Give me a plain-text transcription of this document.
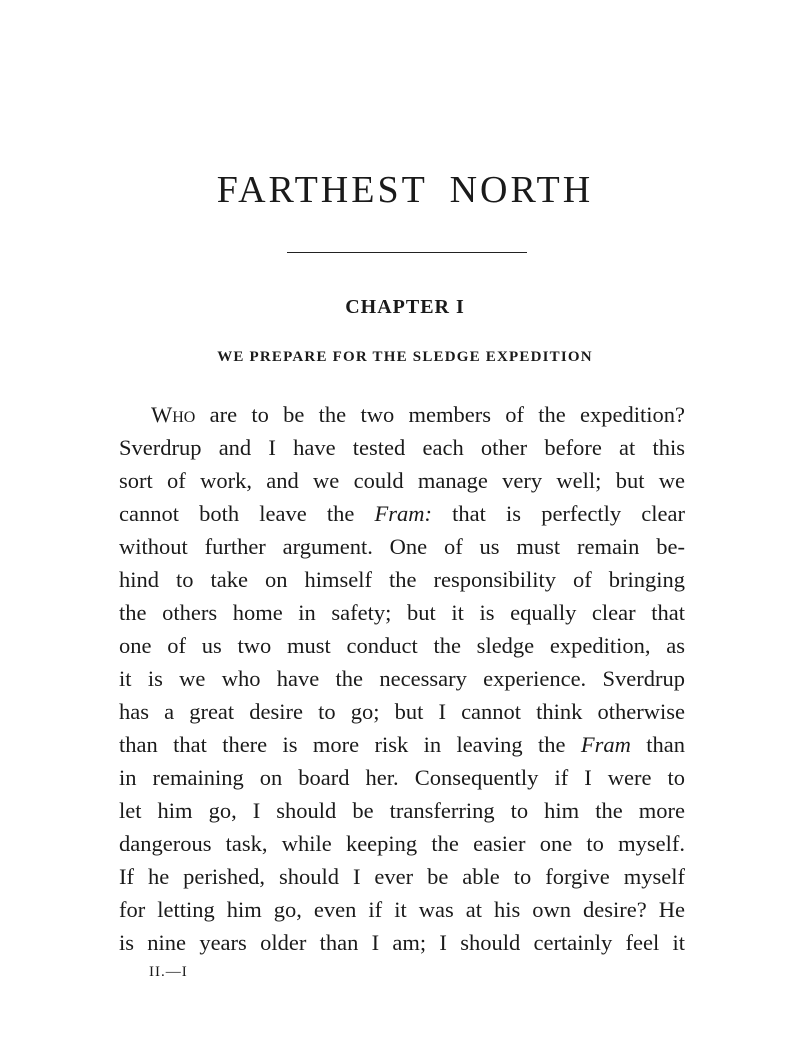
FARTHEST NORTH
CHAPTER I
WE PREPARE FOR THE SLEDGE EXPEDITION
Who are to be the two members of the expedition?
Sverdrup and I have tested each other before at this
sort of work, and we could manage very well; but we
cannot both leave the Fram: that is perfectly clear
without further argument. One of us must remain be-
hind to take on himself the responsibility of bringing
the others home in safety; but it is equally clear that
one of us two must conduct the sledge expedition, as
it is we who have the necessary experience. Sverdrup
has a great desire to go; but I cannot think otherwise
than that there is more risk in leaving the Fram than
in remaining on board her. Consequently if I were to
let him go, I should be transferring to him the more
dangerous task, while keeping the easier one to myself.
If he perished, should I ever be able to forgive myself
for letting him go, even if it was at his own desire? He
is nine years older than I am; I should certainly feel it
II.—I
